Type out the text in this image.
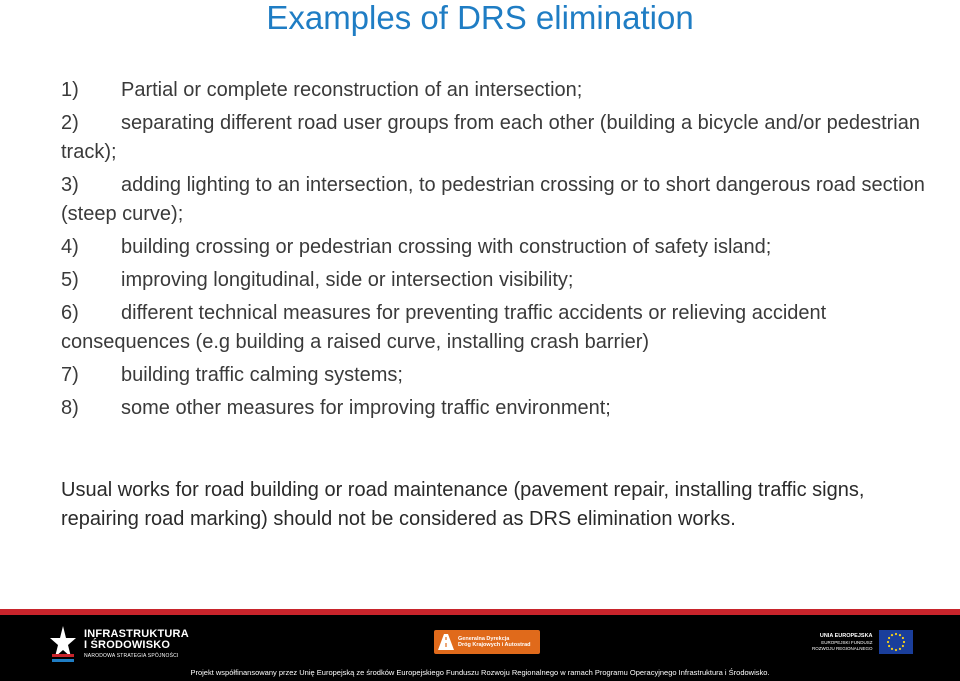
Examples of DRS elimination
1) Partial or complete reconstruction of an intersection;
2) separating different road user groups from each other (building a bicycle and/or pedestrian track);
3) adding lighting to an intersection, to pedestrian crossing or to short dangerous road section (steep curve);
4) building crossing or pedestrian crossing with construction of safety island;
5) improving longitudinal, side or intersection visibility;
6) different technical measures for preventing traffic accidents or relieving accident consequences (e.g building a raised curve, installing crash barrier)
7) building traffic calming systems;
8) some other measures for improving traffic environment;
Usual works for road building or road maintenance (pavement repair, installing traffic signs, repairing road marking) should not be considered as DRS elimination works.
INFRASTRUKTURA
I ŚRODOWISKO
NARODOWA STRATEGIA SPÓJNOŚCI
Generalna Dyrekcja
Dróg Krajowych i Autostrad
UNIA EUROPEJSKA
EUROPEJSKI FUNDUSZ
ROZWOJU REGIONALNEGO
Projekt współfinansowany przez Unię Europejską ze środków Europejskiego Funduszu Rozwoju Regionalnego w ramach Programu Operacyjnego Infrastruktura i Środowisko.
